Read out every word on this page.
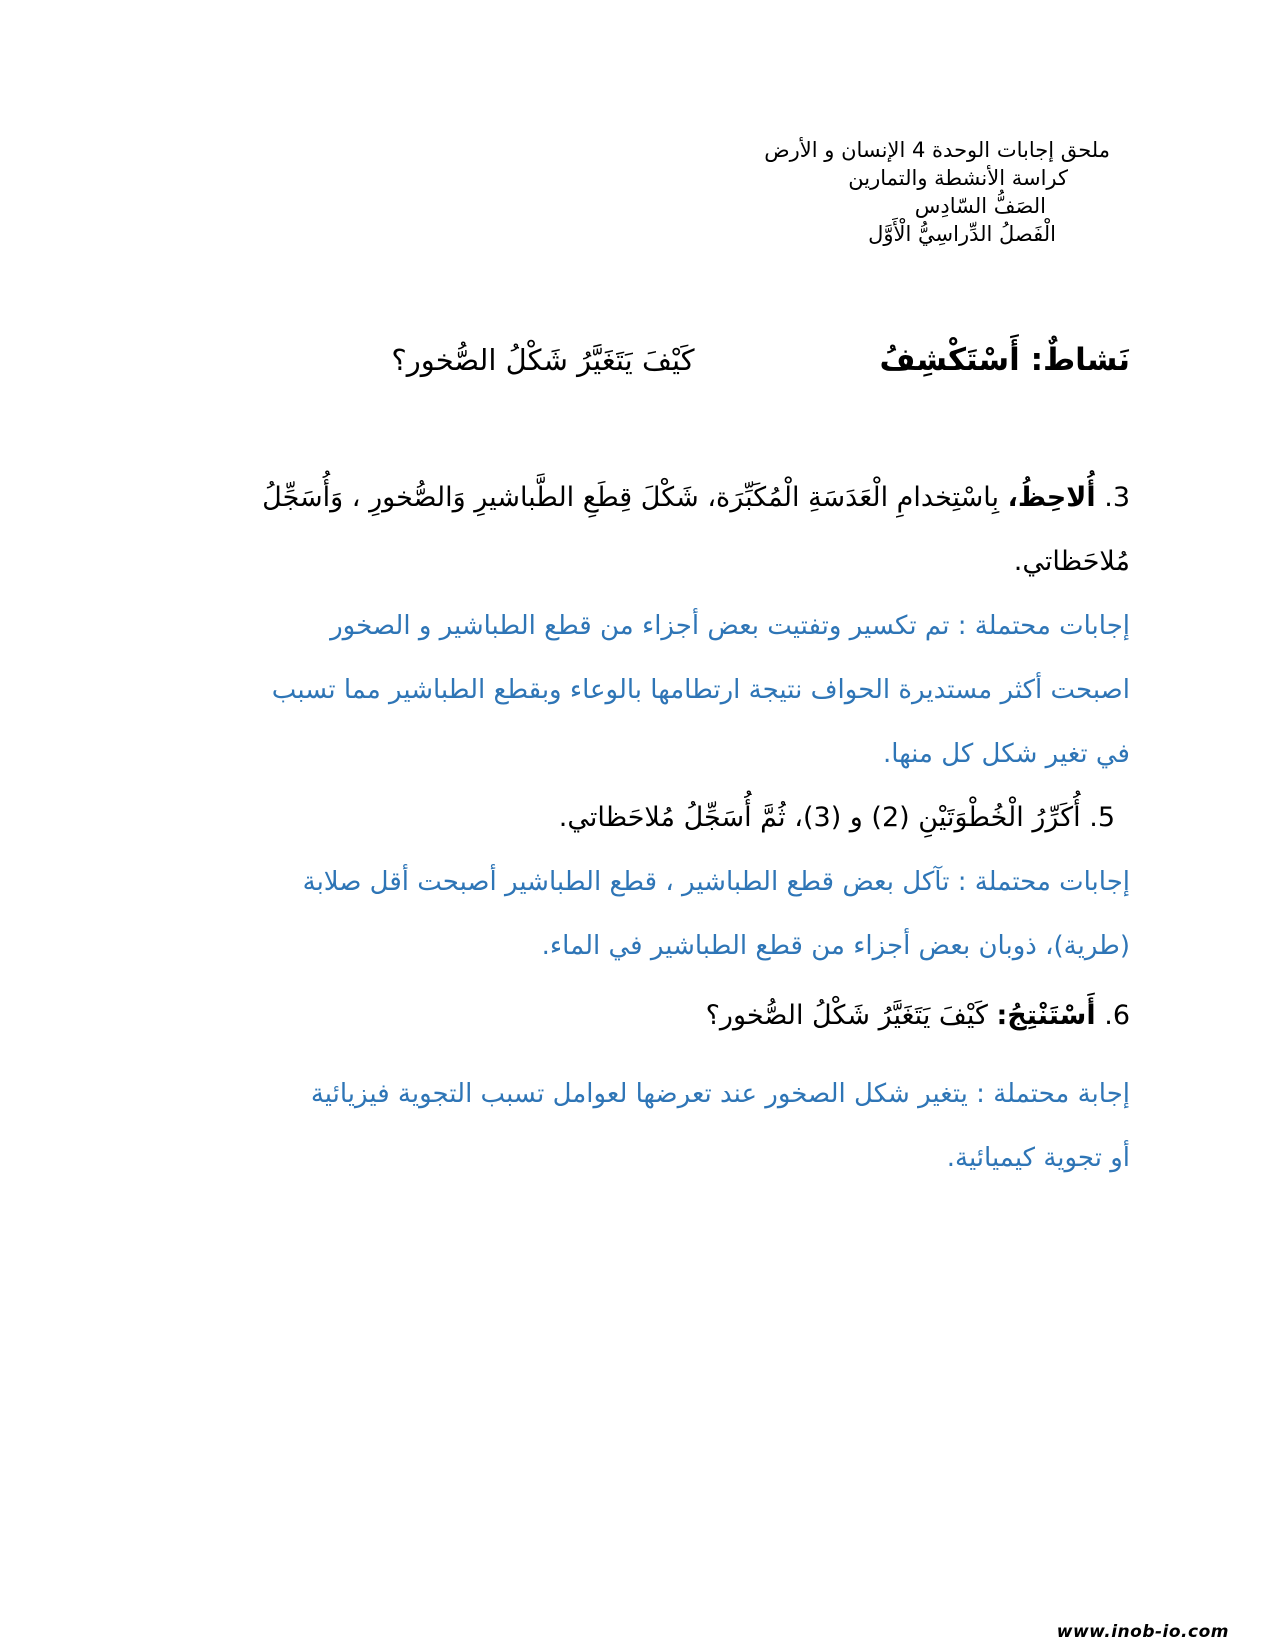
ملحق إجابات الوحدة 4 الإنسان و الأرض
كراسة الأنشطة والتمارين
الصَفُّ السّادِس
الْفَصلُ الدِّراسِيُّ الْأَوَّل
نَشاطٌ: أَسْتَكْشِفُ
كَيْفَ يَتَغَيَّرُ شَكْلُ الصُّخور؟
3. أُلاحِظُ، بِاسْتِخدامِ الْعَدَسَةِ الْمُكَبِّرَة، شَكْلَ قِطَعِ الطَّباشيرِ وَالصُّخورِ ، وَأُسَجِّلُ
مُلاحَظاتي.
إجابات محتملة : تم تكسير وتفتيت بعض أجزاء من قطع الطباشير و الصخور
اصبحت أكثر مستديرة الحواف نتيجة ارتطامها بالوعاء وبقطع الطباشير مما تسبب
في تغير شكل كل منها.
5. أُكَرِّرُ الْخُطْوَتَيْنِ (2) و (3)، ثُمَّ أُسَجِّلُ مُلاحَظاتي.
إجابات محتملة : تآكل بعض قطع الطباشير ، قطع الطباشير أصبحت أقل صلابة
(طرية)، ذوبان بعض أجزاء من قطع الطباشير في الماء.
6. أَسْتَنْتِجُ: كَيْفَ يَتَغَيَّرُ شَكْلُ الصُّخور؟
إجابة محتملة : يتغير شكل الصخور عند تعرضها لعوامل تسبب التجوية فيزيائية
أو تجوية كيميائية.
www.inob-io.com
